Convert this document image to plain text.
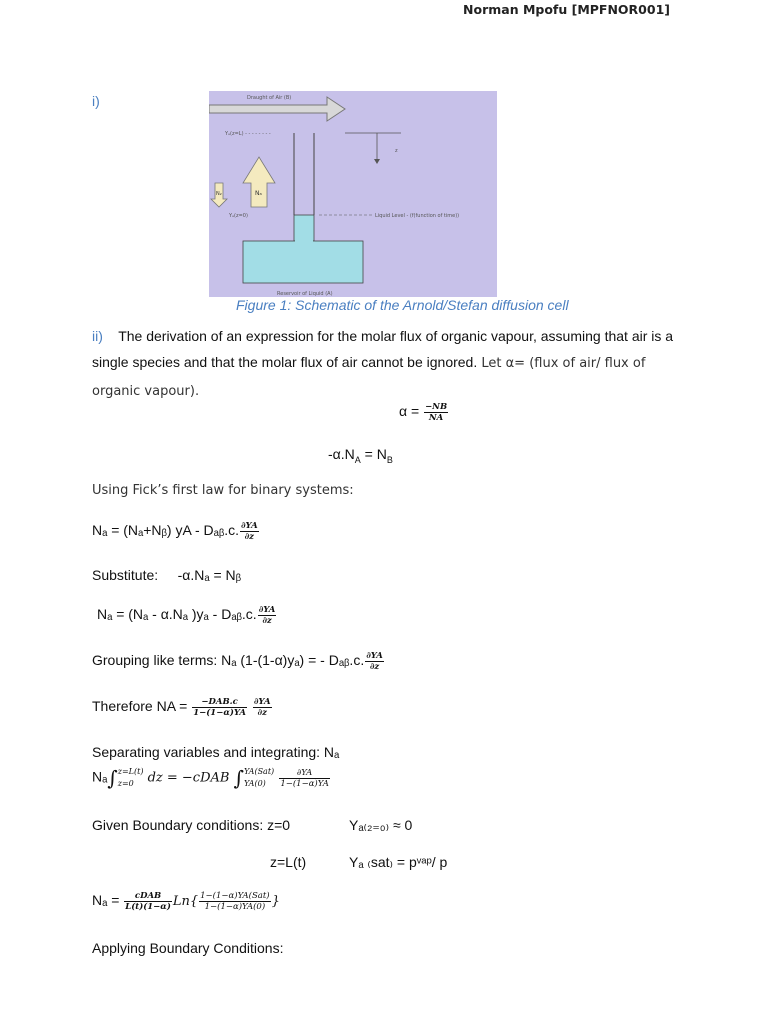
Norman Mpofu [MPFNOR001]
i)	Draught of Air (B)
Yₐ(z=L) - - - - - - - -
z
Nₐ
N₂
Yₐ(z=0)	Liquid Level - (f(function of time))
Reservoir of Liquid (A)
Figure 1: Schematic of the Arnold/Stefan diffusion cell
ii) The derivation of an expression for the molar flux of organic vapour, assuming that air is a single species and that the molar flux of air cannot be ignored. Let α= (flux of air/ flux of organic vapour).
$\alpha = \frac{-NB}{NA}$
$-\alpha.N_A = N_B$
Using Fick’s first law for binary systems:
Nₐ = (Nₐ+Nᵦ) yA - Dₐᵦ.c. $\frac{\partial YA}{\partial z}$
Substitute: -α.Nₐ = Nᵦ
Nₐ = (Nₐ - α.Nₐ )yₐ - Dₐᵦ.c. $\frac{\partial YA}{\partial z}$
Grouping like terms: Nₐ (1-(1-α)yₐ) = - Dₐᵦ.c. $\frac{\partial YA}{\partial z}$
Therefore NA = $\frac{\text{−DAB.c}}{1-(1-\alpha)YA}$
$\frac{\partial YA}{\partial z}$
Separating variables and integrating: Nₐ
Nₐ∫ z=L(t)
z=0	dz = −cDAB ∫ YA(Sat)
YA(0)
	$\frac{\partial YA}{1-(1-\alpha)YA}$
Given Boundary conditions: z=0	Yₐ₍₂₌₀₎ ≈ 0
z=L(t)	Yₐ ₍sat₎ = pᵛᵃᵖ/ p
$N_a = \frac{\text{cDAB}}{L(t)(1-\alpha)} Ln\{ \frac{\text{1−(1−α)YA(Sat)}}{1-(1-\alpha)YA(0)}$ }
Applying Boundary Conditions:
